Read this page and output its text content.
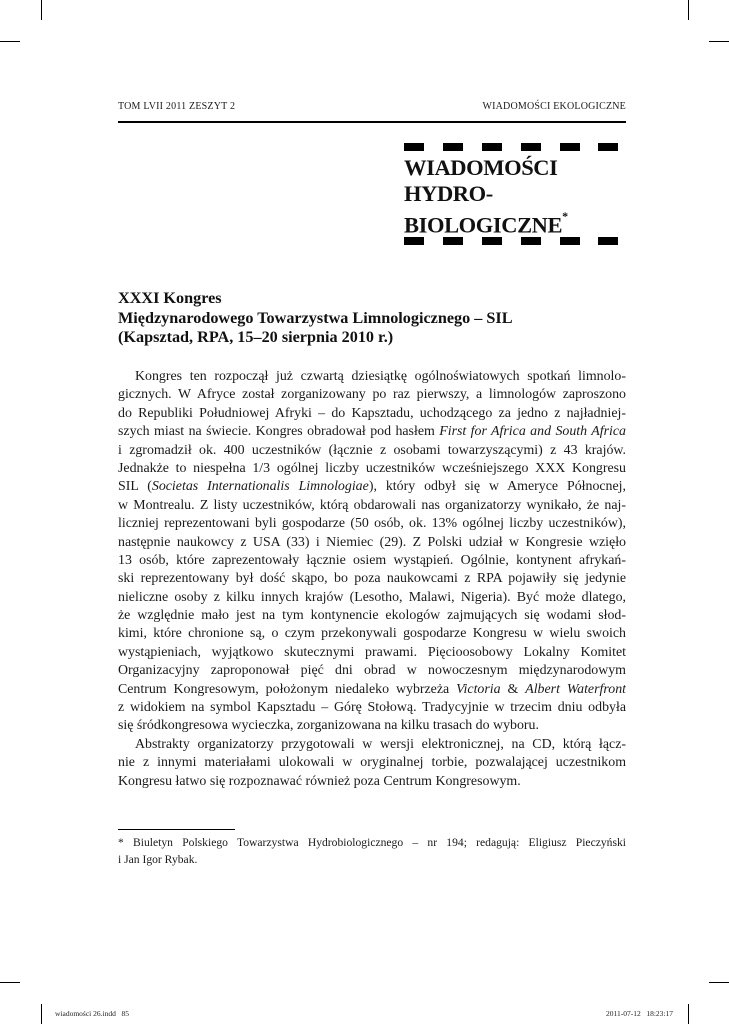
TOM LVII 2011 ZESZYT 2	WIADOMOŚCI EKOLOGICZNE
WIADOMOŚCI
HYDRO-
BIOLOGICZNE*
XXXI Kongres
Międzynarodowego Towarzystwa Limnologicznego – SIL
(Kapsztad, RPA, 15–20 sierpnia 2010 r.)
Kongres ten rozpoczął już czwartą dziesiątkę ogólnoświatowych spotkań limnolo-
gicznych. W Afryce został zorganizowany po raz pierwszy, a limnologów zaproszono
do Republiki Południowej Afryki – do Kapsztadu, uchodzącego za jedno z najładniej-
szych miast na świecie. Kongres obradował pod hasłem First for Africa and South Africa
i zgromadził ok. 400 uczestników (łącznie z osobami towarzyszącymi) z 43 krajów.
Jednakże to niespełna 1/3 ogólnej liczby uczestników wcześniejszego XXX Kongresu
SIL (Societas Internationalis Limnologiae), który odbył się w Ameryce Północnej,
w Montrealu. Z listy uczestników, którą obdarowali nas organizatorzy wynikało, że naj-
liczniej reprezentowani byli gospodarze (50 osób, ok. 13% ogólnej liczby uczestników),
następnie naukowcy z USA (33) i Niemiec (29). Z Polski udział w Kongresie wzięło
13 osób, które zaprezentowały łącznie osiem wystąpień. Ogólnie, kontynent afrykań-
ski reprezentowany był dość skąpo, bo poza naukowcami z RPA pojawiły się jedynie
nieliczne osoby z kilku innych krajów (Lesotho, Malawi, Nigeria). Być może dlatego,
że względnie mało jest na tym kontynencie ekologów zajmujących się wodami słod-
kimi, które chronione są, o czym przekonywali gospodarze Kongresu w wielu swoich
wystąpieniach, wyjątkowo skutecznymi prawami. Pięcioosobowy Lokalny Komitet
Organizacyjny zaproponował pięć dni obrad w nowoczesnym międzynarodowym
Centrum Kongresowym, położonym niedaleko wybrzeża Victoria & Albert Waterfront
z widokiem na symbol Kapsztadu – Górę Stołową. Tradycyjnie w trzecim dniu odbyła
się śródkongresowa wycieczka, zorganizowana na kilku trasach do wyboru.
Abstrakty organizatorzy przygotowali w wersji elektronicznej, na CD, którą łącz-
nie z innymi materiałami ulokowali w oryginalnej torbie, pozwalającej uczestnikom
Kongresu łatwo się rozpoznawać również poza Centrum Kongresowym.
* Biuletyn Polskiego Towarzystwa Hydrobiologicznego – nr 194; redagują: Eligiusz Pieczyński
i Jan Igor Rybak.
wiadomości 26.indd   85	2011-07-12   18:23:17
